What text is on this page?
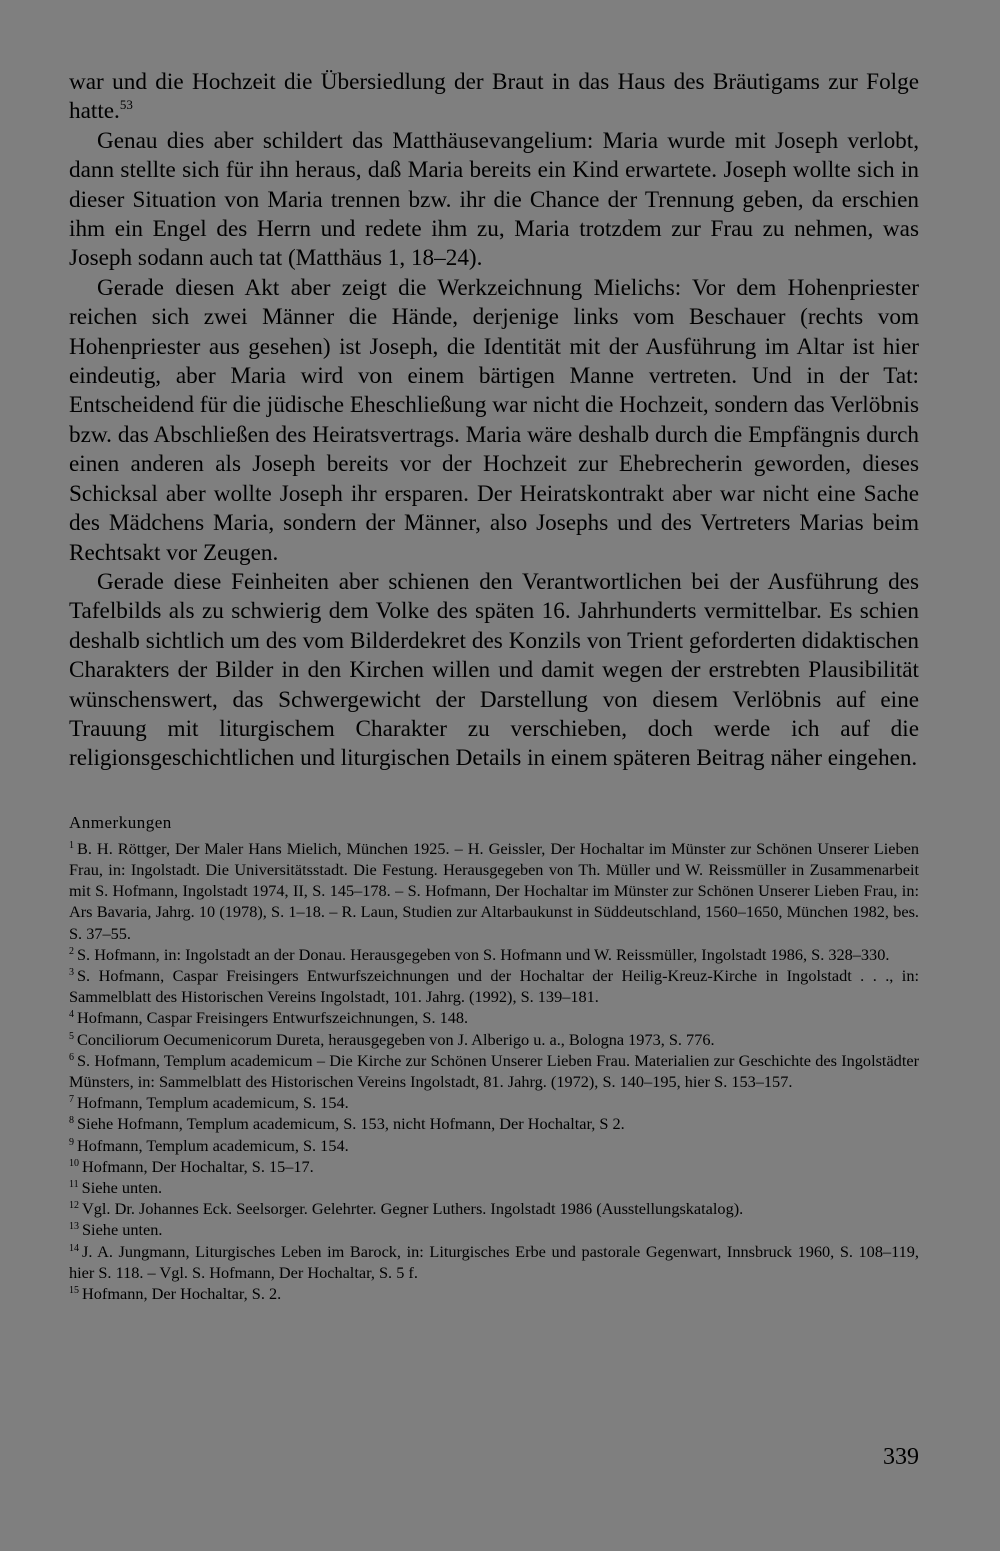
war und die Hochzeit die Übersiedlung der Braut in das Haus des Bräutigams zur Folge hatte.$^{53}$

Genau dies aber schildert das Matthäusevangelium: Maria wurde mit Joseph verlobt, dann stellte sich für ihn heraus, daß Maria bereits ein Kind erwartete. Joseph wollte sich in dieser Situation von Maria trennen bzw. ihr die Chance der Trennung geben, da erschien ihm ein Engel des Herrn und redete ihm zu, Maria trotzdem zur Frau zu nehmen, was Joseph sodann auch tat (Matthäus 1, 18–24).

Gerade diesen Akt aber zeigt die Werkzeichnung Mielichs: Vor dem Hohenpriester reichen sich zwei Männer die Hände, derjenige links vom Beschauer (rechts vom Hohenpriester aus gesehen) ist Joseph, die Identität mit der Ausführung im Altar ist hier eindeutig, aber Maria wird von einem bärtigen Manne vertreten. Und in der Tat: Entscheidend für die jüdische Eheschließung war nicht die Hochzeit, sondern das Verlöbnis bzw. das Abschließen des Heiratsvertrags. Maria wäre deshalb durch die Empfängnis durch einen anderen als Joseph bereits vor der Hochzeit zur Ehebrecherin geworden, dieses Schicksal aber wollte Joseph ihr ersparen. Der Heiratskontrakt aber war nicht eine Sache des Mädchens Maria, sondern der Männer, also Josephs und des Vertreters Marias beim Rechtsakt vor Zeugen.

Gerade diese Feinheiten aber schienen den Verantwortlichen bei der Ausführung des Tafelbilds als zu schwierig dem Volke des späten 16. Jahrhunderts vermittelbar. Es schien deshalb sichtlich um des vom Bilderdekret des Konzils von Trient geforderten didaktischen Charakters der Bilder in den Kirchen willen und damit wegen der erstrebten Plausibilität wünschenswert, das Schwergewicht der Darstellung von diesem Verlöbnis auf eine Trauung mit liturgischem Charakter zu verschieben, doch werde ich auf die religionsgeschichtlichen und liturgischen Details in einem späteren Beitrag näher eingehen.

Anmerkungen

$^1$ B. H. Röttger, Der Maler Hans Mielich, München 1925. – H. Geissler, Der Hochaltar im Münster zur Schönen Unserer Lieben Frau, in: Ingolstadt. Die Universitätsstadt. Die Festung. Herausgegeben von Th. Müller und W. Reissmüller in Zusammenarbeit mit S. Hofmann, Ingolstadt 1974, II, S. 145–178. – S. Hofmann, Der Hochaltar im Münster zur Schönen Unserer Lieben Frau, in: Ars Bavaria, Jahrg. 10 (1978), S. 1–18. – R. Laun, Studien zur Altarbaukunst in Süddeutschland, 1560–1650, München 1982, bes. S. 37–55.

$^2$ S. Hofmann, in: Ingolstadt an der Donau. Herausgegeben von S. Hofmann und W. Reissmüller, Ingolstadt 1986, S. 328–330.

$^3$ S. Hofmann, Caspar Freisingers Entwurfszeichnungen und der Hochaltar der Heilig-Kreuz-Kirche in Ingolstadt . . ., in: Sammelblatt des Historischen Vereins Ingolstadt, 101. Jahrg. (1992), S. 139–181.

$^4$ Hofmann, Caspar Freisingers Entwurfszeichnungen, S. 148.

$^5$ Conciliorum Oecumenicorum Dureta, herausgegeben von J. Alberigo u. a., Bologna 1973, S. 776.

$^6$ S. Hofmann, Templum academicum – Die Kirche zur Schönen Unserer Lieben Frau. Materialien zur Geschichte des Ingolstädter Münsters, in: Sammelblatt des Historischen Vereins Ingolstadt, 81. Jahrg. (1972), S. 140–195, hier S. 153–157.

$^7$ Hofmann, Templum academicum, S. 154.

$^8$ Siehe Hofmann, Templum academicum, S. 153, nicht Hofmann, Der Hochaltar, S 2.

$^9$ Hofmann, Templum academicum, S. 154.

$^{10}$ Hofmann, Der Hochaltar, S. 15–17.

$^{11}$ Siehe unten.

$^{12}$ Vgl. Dr. Johannes Eck. Seelsorger. Gelehrter. Gegner Luthers. Ingolstadt 1986 (Ausstellungskatalog).

$^{13}$ Siehe unten.

$^{14}$ J. A. Jungmann, Liturgisches Leben im Barock, in: Liturgisches Erbe und pastorale Gegenwart, Innsbruck 1960, S. 108–119, hier S. 118. – Vgl. S. Hofmann, Der Hochaltar, S. 5 f.

$^{15}$ Hofmann, Der Hochaltar, S. 2.

339
